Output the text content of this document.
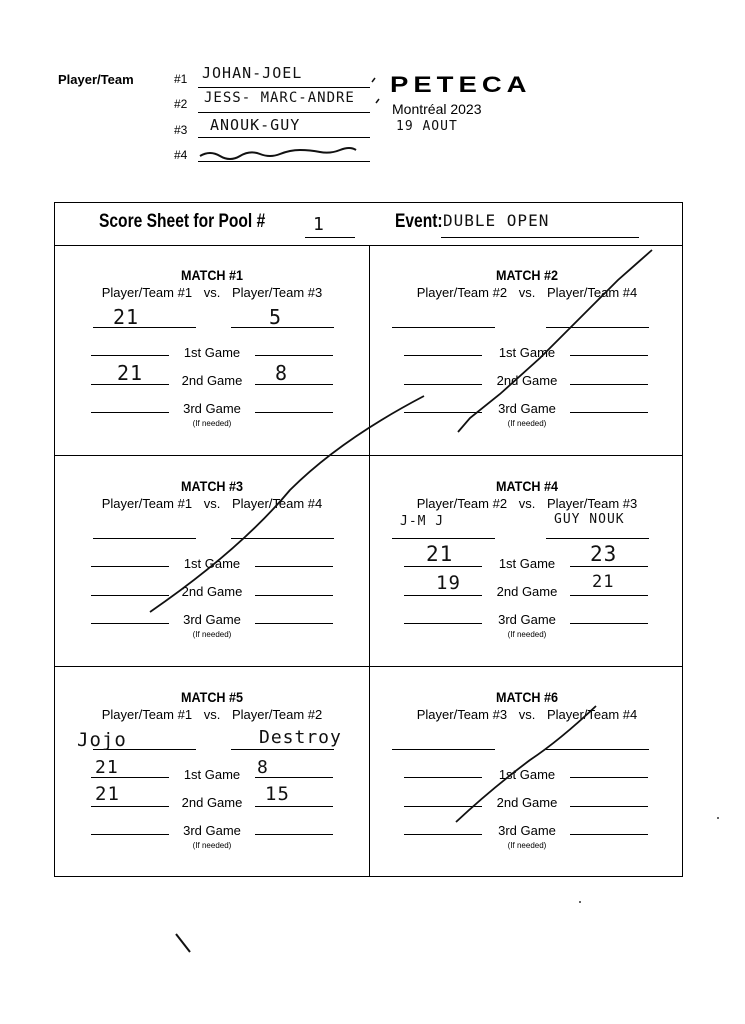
Player/Team	#1 JOHAN-JOEL
#2 JESS- MARC-ANDRE
#3 ANOUK-GUY
#4
PETECA
Montréal 2023
19 AOUT
Score Sheet for Pool #	1	Event: DUBLE OPEN
MATCH #1
Player/Team #1 vs. Player/Team #3
21	5
1st Game
21	2nd Game	8
3rd Game
(If needed)
MATCH #2
Player/Team #2 vs. Player/Team #4
1st Game
2nd Game
3rd Game
(If needed)
MATCH #3
Player/Team #1 vs. Player/Team #4
1st Game
2nd Game
3rd Game
(If needed)
MATCH #4
Player/Team #2 vs. Player/Team #3
J-M J	GUY NOUK
21	1st Game	23
19	2nd Game	21
3rd Game
(If needed)
MATCH #5
Player/Team #1 vs. Player/Team #2
Jojo	Destroy
21	1st Game 8
21	2nd Game	15
3rd Game
(If needed)
MATCH #6
Player/Team #3 vs. Player/Team #4
1st Game
2nd Game
3rd Game
(If needed)
